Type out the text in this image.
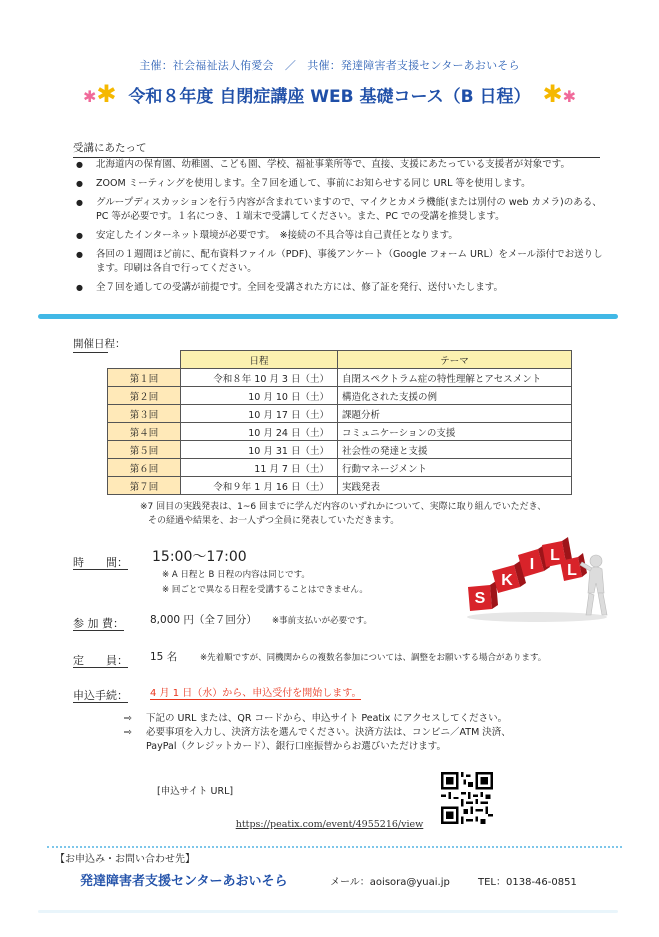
主催：社会福祉法人侑愛会　／　共催：発達障害者支援センターあおいそら
✱✱ 令和８年度 自閉症講座 WEB 基礎コース（B 日程） ✱✱
受講にあたって
● 北海道内の保育園、幼稚園、こども園、学校、福祉事業所等で、直接、支援にあたっている支援者が対象です。
● ZOOM ミーティングを使用します。全７回を通して、事前にお知らせする同じ URL 等を使用します。
● グループディスカッションを行う内容が含まれていますので、マイクとカメラ機能(または別付の web カメラ)のある、PC 等が必要です。１名につき、１端末で受講してください。また、PC での受講を推奨します。
● 安定したインターネット環境が必要です。　※接続の不具合等は自己責任となります。
● 各回の１週間ほど前に、配布資料ファイル（PDF)、事後アンケート（Google フォーム URL）をメール添付でお送りします。印刷は各自で行ってください。
● 全７回を通しての受講が前提です。全回を受講された方には、修了証を発行、送付いたします。
開催日程：
	日程	テーマ
第１回	令和８年 10 月 3 日（土）	自閉スペクトラム症の特性理解とアセスメント
第２回	10 月 10 日（土）	構造化された支援の例
第３回	10 月 17 日（土）	課題分析
第４回	10 月 24 日（土）	コミュニケーションの支援
第５回	10 月 31 日（土）	社会性の発達と支援
第６回	11 月 7 日（土）	行動マネージメント
第７回	令和９年 1 月 16 日（土）	実践発表
※7 回目の実践発表は、1~6 回までに学んだ内容のいずれかについて、実際に取り組んでいただき、
その経過や結果を、お一人ずつ全員に発表していただきます。
時　　間： 15:00〜17:00
※ A 日程と B 日程の内容は同じです。
※ 回ごとで異なる日程を受講することはできません。	S
K
I
L
L
参 加 費： 8,000 円（全７回分） ※事前支払いが必要です。
定　　員： 15 名	※先着順ですが、同機関からの複数名参加については、調整をお願いする場合があります。
申込手続： 4 月 1 日（水）から、申込受付を開始します。
⇨ 下記の URL または、QR コードから、申込サイト Peatix にアクセスしてください。
⇨ 必要事項を入力し、決済方法を選んでください。決済方法は、コンビニ／ATM 決済、
PayPal（クレジットカード）、銀行口座振替からお選びいただけます。
[申込サイト URL]
https://peatix.com/event/4955216/view
【お申込み・お問い合わせ先】
発達障害者支援センターあおいそら	メール：aoisora@yuai.jp	TEL：0138-46-0851
